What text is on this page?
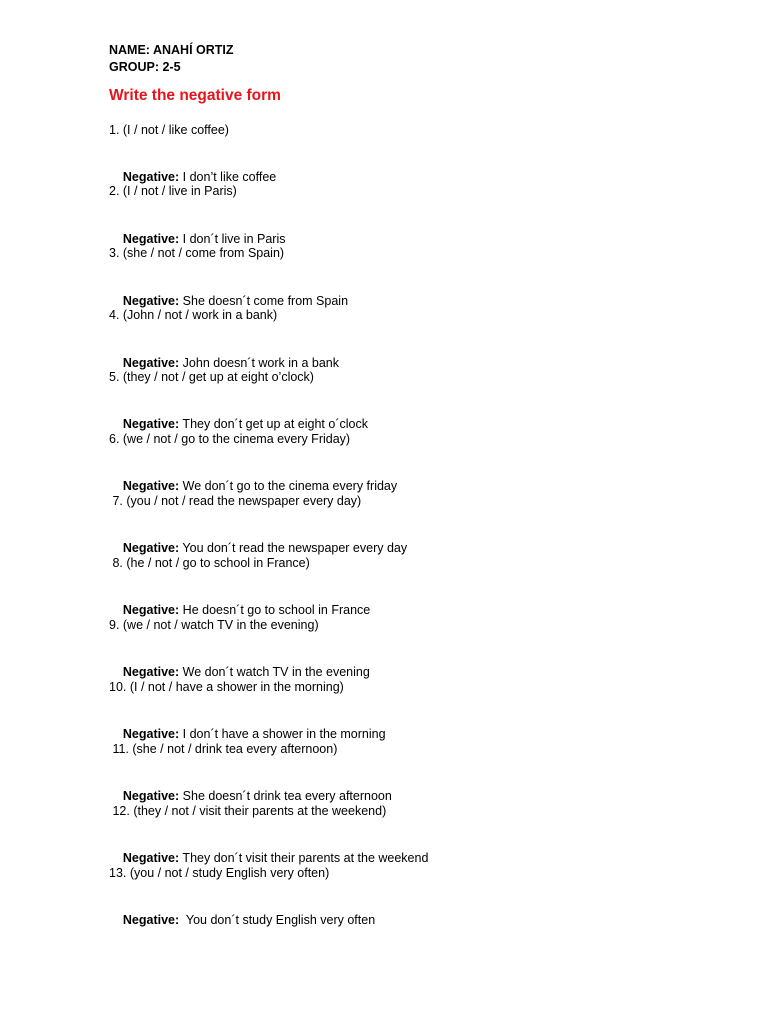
NAME: ANAHÍ ORTIZ
GROUP: 2-5
Write the negative form
1. (I / not / like coffee)

Negative: I don’t like coffee

2. (I / not / live in Paris)

Negative: I don´t live in Paris

3. (she / not / come from Spain)

Negative: She doesn´t come from Spain

4. (John / not / work in a bank)

Negative: John doesn´t work in a bank

5. (they / not / get up at eight o’clock)

Negative: They don´t get up at eight o´clock

6. (we / not / go to the cinema every Friday)

Negative: We don´t go to the cinema every friday

7. (you / not / read the newspaper every day)

Negative: You don´t read the newspaper every day

8. (he / not / go to school in France)

Negative: He doesn´t go to school in France

9. (we / not / watch TV in the evening)

Negative: We don´t watch TV in the evening

10. (I / not / have a shower in the morning)

Negative: I don´t have a shower in the morning

11. (she / not / drink tea every afternoon)

Negative: She doesn´t drink tea every afternoon

12. (they / not / visit their parents at the weekend)

Negative: They don´t visit their parents at the weekend

13. (you / not / study English very often)

Negative:  You don´t study English very often
